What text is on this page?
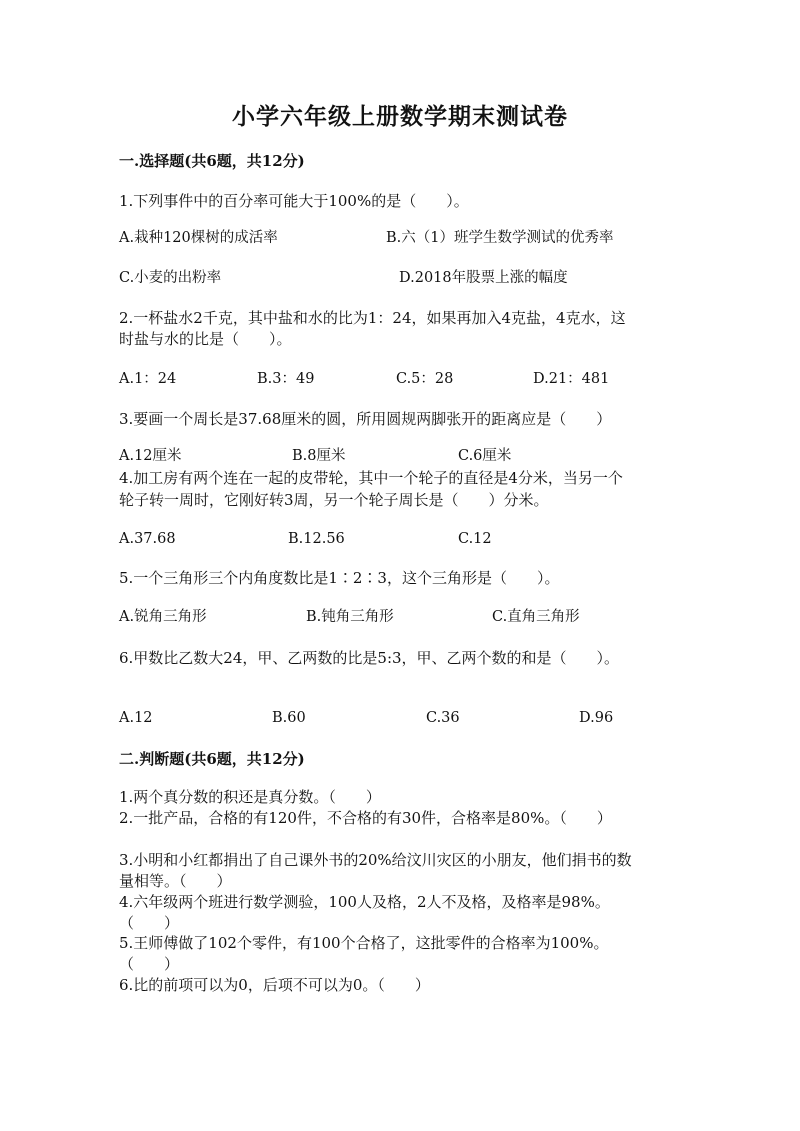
小学六年级上册数学期末测试卷
一.选择题(共6题，共12分)
1.下列事件中的百分率可能大于100%的是（　　）。
A.栽种120棵树的成活率	B.六（1）班学生数学测试的优秀率
C.小麦的出粉率	D.2018年股票上涨的幅度
2.一杯盐水2千克，其中盐和水的比为1：24，如果再加入4克盐，4克水，这
时盐与水的比是（　　）。
A.1：24	B.3：49	C.5：28	D.21：481
3.要画一个周长是37.68厘米的圆，所用圆规两脚张开的距离应是（　　）
A.12厘米	B.8厘米	C.6厘米
4.加工房有两个连在一起的皮带轮，其中一个轮子的直径是4分米，当另一个
轮子转一周时，它刚好转3周，另一个轮子周长是（　　）分米。
A.37.68	B.12.56	C.12
5.一个三角形三个内角度数比是1∶2∶3，这个三角形是（　　）。
A.锐角三角形	B.钝角三角形	C.直角三角形
6.甲数比乙数大24，甲、乙两数的比是5:3，甲、乙两个数的和是（　　）。
A.12	B.60	C.36	D.96
二.判断题(共6题，共12分)
1.两个真分数的积还是真分数。（　　）
2.一批产品，合格的有120件，不合格的有30件，合格率是80%。（　　）
3.小明和小红都捐出了自己课外书的20%给汶川灾区的小朋友，他们捐书的数
量相等。（　　）
4.六年级两个班进行数学测验，100人及格，2人不及格，及格率是98%。
（　　）
5.王师傅做了102个零件，有100个合格了，这批零件的合格率为100%。
（　　）
6.比的前项可以为0，后项不可以为0。（　　）
